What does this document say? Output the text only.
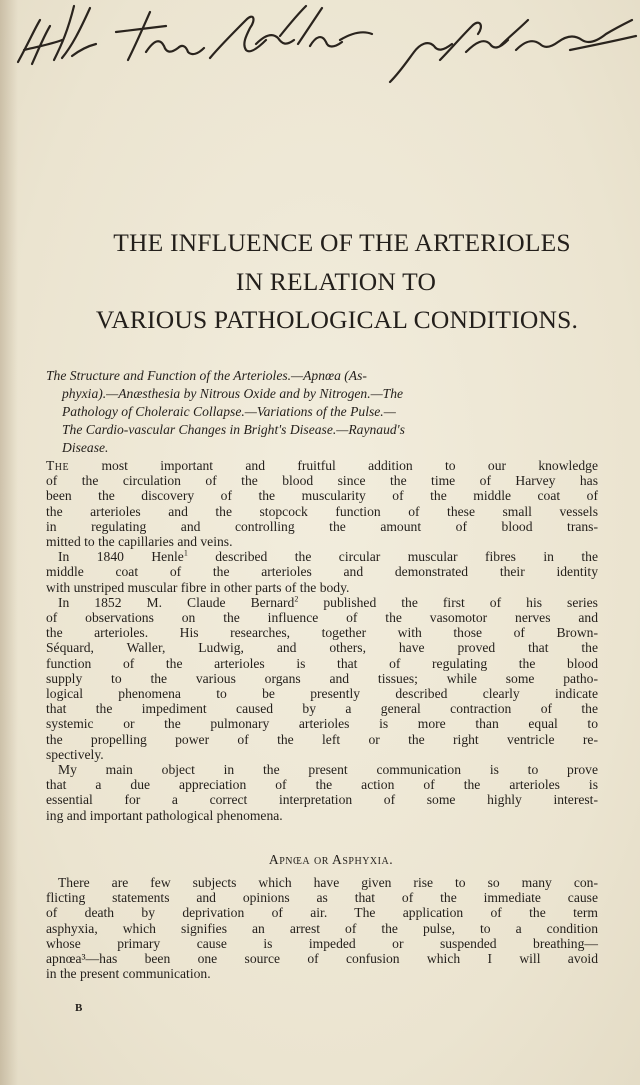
THE INFLUENCE OF THE ARTERIOLES
IN RELATION TO
VARIOUS PATHOLOGICAL CONDITIONS.
The Structure and Function of the Arterioles.—Apnœa (As-
phyxia).—Anæsthesia by Nitrous Oxide and by Nitrogen.—The
Pathology of Choleraic Collapse.—Variations of the Pulse.—
The Cardio-vascular Changes in Bright's Disease.—Raynaud's
Disease.

The most important and fruitful addition to our knowledge
of the circulation of the blood since the time of Harvey has
been the discovery of the muscularity of the middle coat of
the arterioles and the stopcock function of these small vessels
in regulating and controlling the amount of blood trans-
mitted to the capillaries and veins.

In 1840 Henle$^1$ described the circular muscular fibres in the
middle coat of the arterioles and demonstrated their identity
with unstriped muscular fibre in other parts of the body.

In 1852 M. Claude Bernard$^2$ published the first of his series
of observations on the influence of the vasomotor nerves and
the arterioles. His researches, together with those of Brown-
Séquard, Waller, Ludwig, and others, have proved that the
function of the arterioles is that of regulating the blood
supply to the various organs and tissues; while some patho-
logical phenomena to be presently described clearly indicate
that the impediment caused by a general contraction of the
systemic or the pulmonary arterioles is more than equal to
the propelling power of the left or the right ventricle re-
spectively.

My main object in the present communication is to prove
that a due appreciation of the action of the arterioles is
essential for a correct interpretation of some highly interest-
ing and important pathological phenomena.

Apnœa or Asphyxia.
There are few subjects which have given rise to so many con-
flicting statements and opinions as that of the immediate cause
of death by deprivation of air. The application of the term
asphyxia, which signifies an arrest of the pulse, to a condition
whose primary cause is impeded or suspended breathing—
apnœa³—has been one source of confusion which I will avoid
in the present communication.
B
